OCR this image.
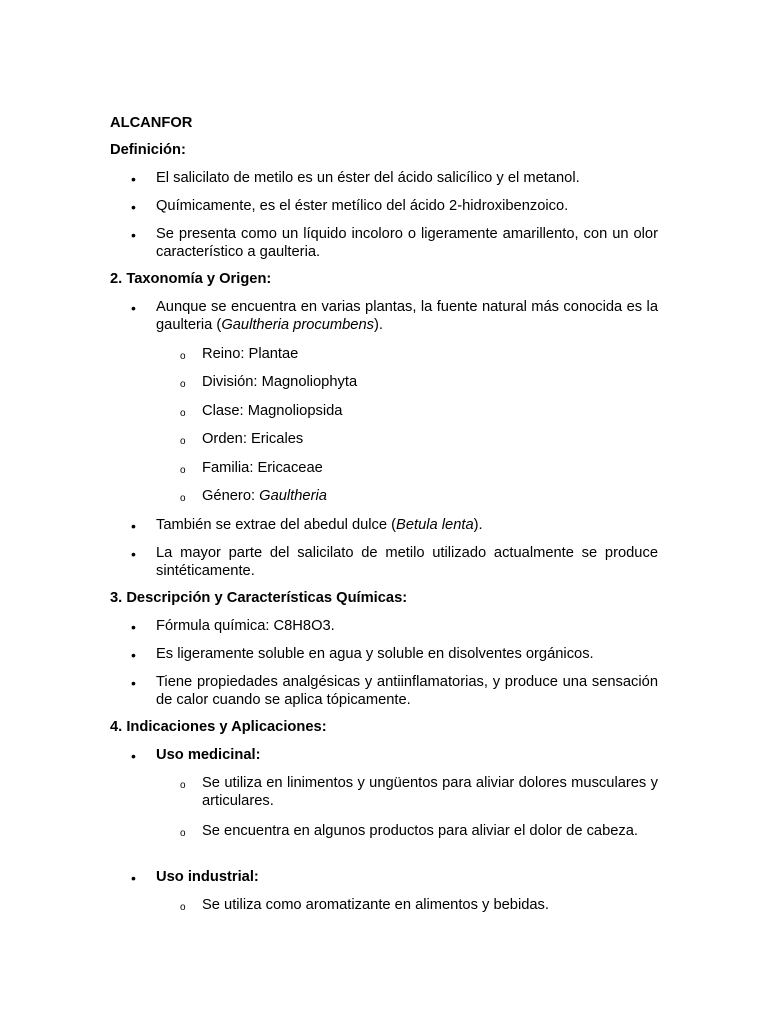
ALCANFOR
Definición:
• El salicilato de metilo es un éster del ácido salicílico y el metanol.
• Químicamente, es el éster metílico del ácido 2-hidroxibenzoico.
• Se presenta como un líquido incoloro o ligeramente amarillento, con un olor característico a gaulteria.
2. Taxonomía y Origen:
• Aunque se encuentra en varias plantas, la fuente natural más conocida es la gaulteria (Gaultheria procumbens).
o Reino: Plantae
o División: Magnoliophyta
o Clase: Magnoliopsida
o Orden: Ericales
o Familia: Ericaceae
o Género: Gaultheria
• También se extrae del abedul dulce (Betula lenta).
• La mayor parte del salicilato de metilo utilizado actualmente se produce sintéticamente.
3. Descripción y Características Químicas:
• Fórmula química: C8H8O3.
• Es ligeramente soluble en agua y soluble en disolventes orgánicos.
• Tiene propiedades analgésicas y antiinflamatorias, y produce una sensación de calor cuando se aplica tópicamente.
4. Indicaciones y Aplicaciones:
• Uso medicinal:
o Se utiliza en linimentos y ungüentos para aliviar dolores musculares y articulares.
o Se encuentra en algunos productos para aliviar el dolor de cabeza.
• Uso industrial:
o Se utiliza como aromatizante en alimentos y bebidas.
